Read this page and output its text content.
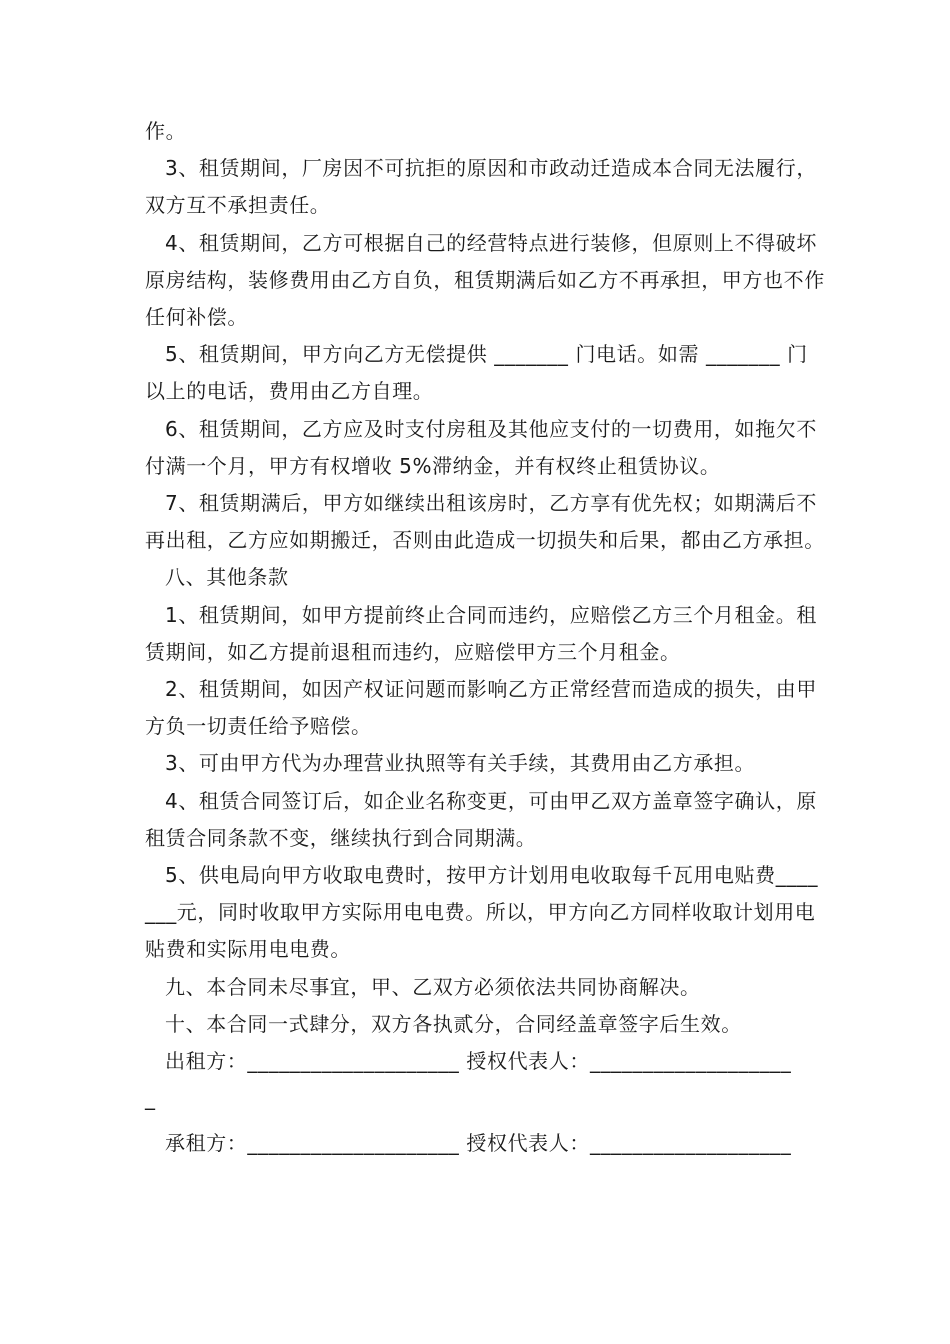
作。

3、租赁期间，厂房因不可抗拒的原因和市政动迁造成本合同无法履行，双方互不承担责任。

4、租赁期间，乙方可根据自己的经营特点进行装修，但原则上不得破坏原房结构，装修费用由乙方自负，租赁期满后如乙方不再承担，甲方也不作任何补偿。

5、租赁期间，甲方向乙方无偿提供 _______ 门电话。如需 _______ 门以上的电话，费用由乙方自理。

6、租赁期间，乙方应及时支付房租及其他应支付的一切费用，如拖欠不付满一个月，甲方有权增收 5%滞纳金，并有权终止租赁协议。

7、租赁期满后，甲方如继续出租该房时，乙方享有优先权；如期满后不再出租，乙方应如期搬迁，否则由此造成一切损失和后果，都由乙方承担。

八、其他条款

1、租赁期间，如甲方提前终止合同而违约，应赔偿乙方三个月租金。租赁期间，如乙方提前退租而违约，应赔偿甲方三个月租金。

2、租赁期间，如因产权证问题而影响乙方正常经营而造成的损失，由甲方负一切责任给予赔偿。

3、可由甲方代为办理营业执照等有关手续，其费用由乙方承担。

4、租赁合同签订后，如企业名称变更，可由甲乙双方盖章签字确认，原租赁合同条款不变，继续执行到合同期满。

5、供电局向甲方收取电费时，按甲方计划用电收取每千瓦用电贴费_______元，同时收取甲方实际用电电费。所以，甲方向乙方同样收取计划用电贴费和实际用电电费。

九、本合同未尽事宜，甲、乙双方必须依法共同协商解决。

十、本合同一式肆分，双方各执贰分，合同经盖章签字后生效。

出租方：____________________ 授权代表人：___________________

_

承租方：____________________ 授权代表人：___________________
